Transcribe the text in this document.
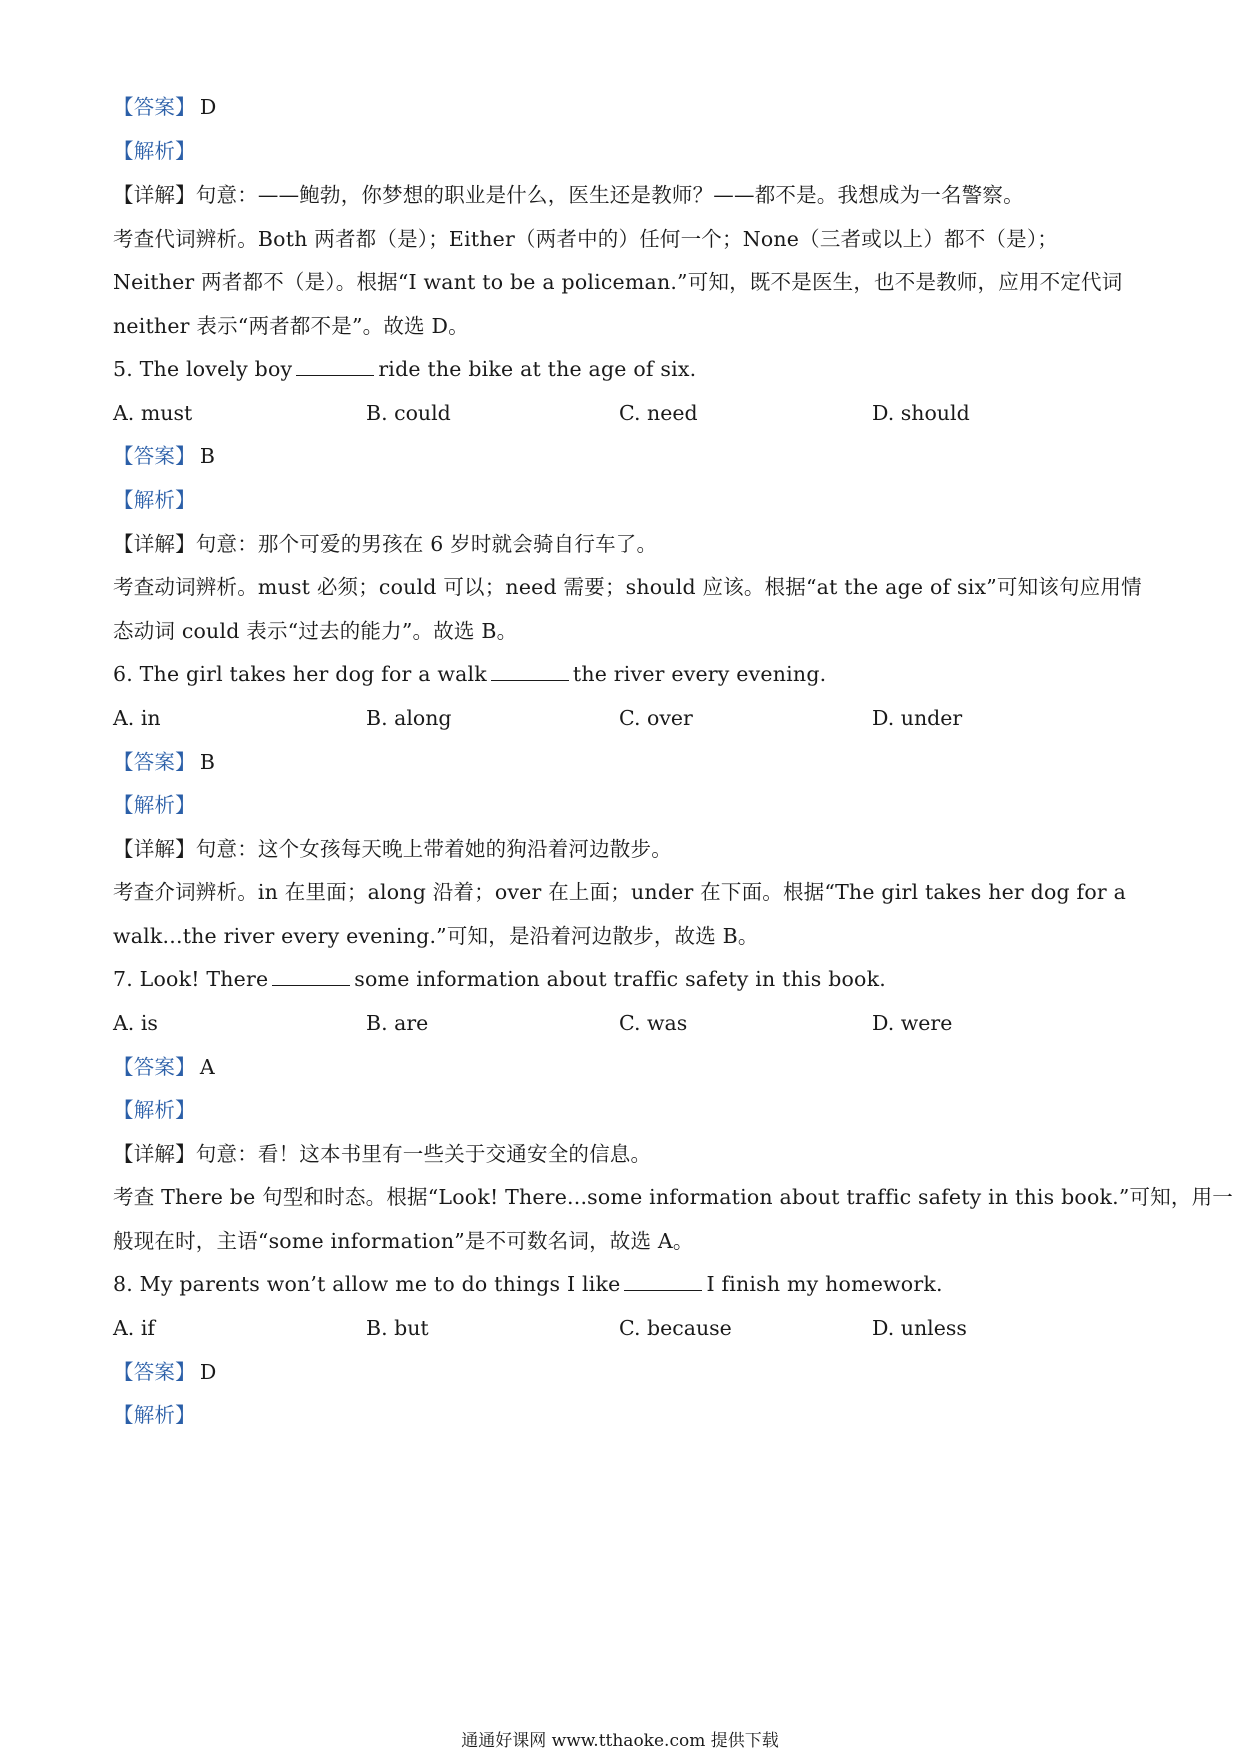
【答案】 D
【解析】
【详解】句意：——鲍勃，你梦想的职业是什么，医生还是教师？——都不是。我想成为一名警察。
考查代词辨析。Both 两者都（是）；Either（两者中的）任何一个；None（三者或以上）都不（是）；
Neither 两者都不（是）。根据“I want to be a policeman.”可知，既不是医生，也不是教师，应用不定代词
neither 表示“两者都不是”。故选 D。
5. The lovely boy	ride the bike at the age of six.
A. must	B. could	C. need	D. should
【答案】 B
【解析】
【详解】句意：那个可爱的男孩在 6 岁时就会骑自行车了。
考查动词辨析。must 必须；could 可以；need 需要；should 应该。根据“at the age of six”可知该句应用情
态动词 could 表示“过去的能力”。故选 B。
6. The girl takes her dog for a walk	the river every evening.
A. in	B. along	C. over	D. under
【答案】 B
【解析】
【详解】句意：这个女孩每天晚上带着她的狗沿着河边散步。
考查介词辨析。in 在里面；along 沿着；over 在上面；under 在下面。根据“The girl takes her dog for a
walk...the river every evening.”可知，是沿着河边散步，故选 B。
7. Look! There	some information about traffic safety in this book.
A. is	B. are	C. was	D. were
【答案】 A
【解析】
【详解】句意：看！这本书里有一些关于交通安全的信息。
考查 There be 句型和时态。根据“Look! There...some information about traffic safety in this book.”可知，用一
般现在时，主语“some information”是不可数名词，故选 A。
8. My parents won’t allow me to do things I like	I finish my homework.
A. if	B. but	C. because	D. unless
【答案】 D
【解析】
通通好课网 www.tthaoke.com 提供下载
